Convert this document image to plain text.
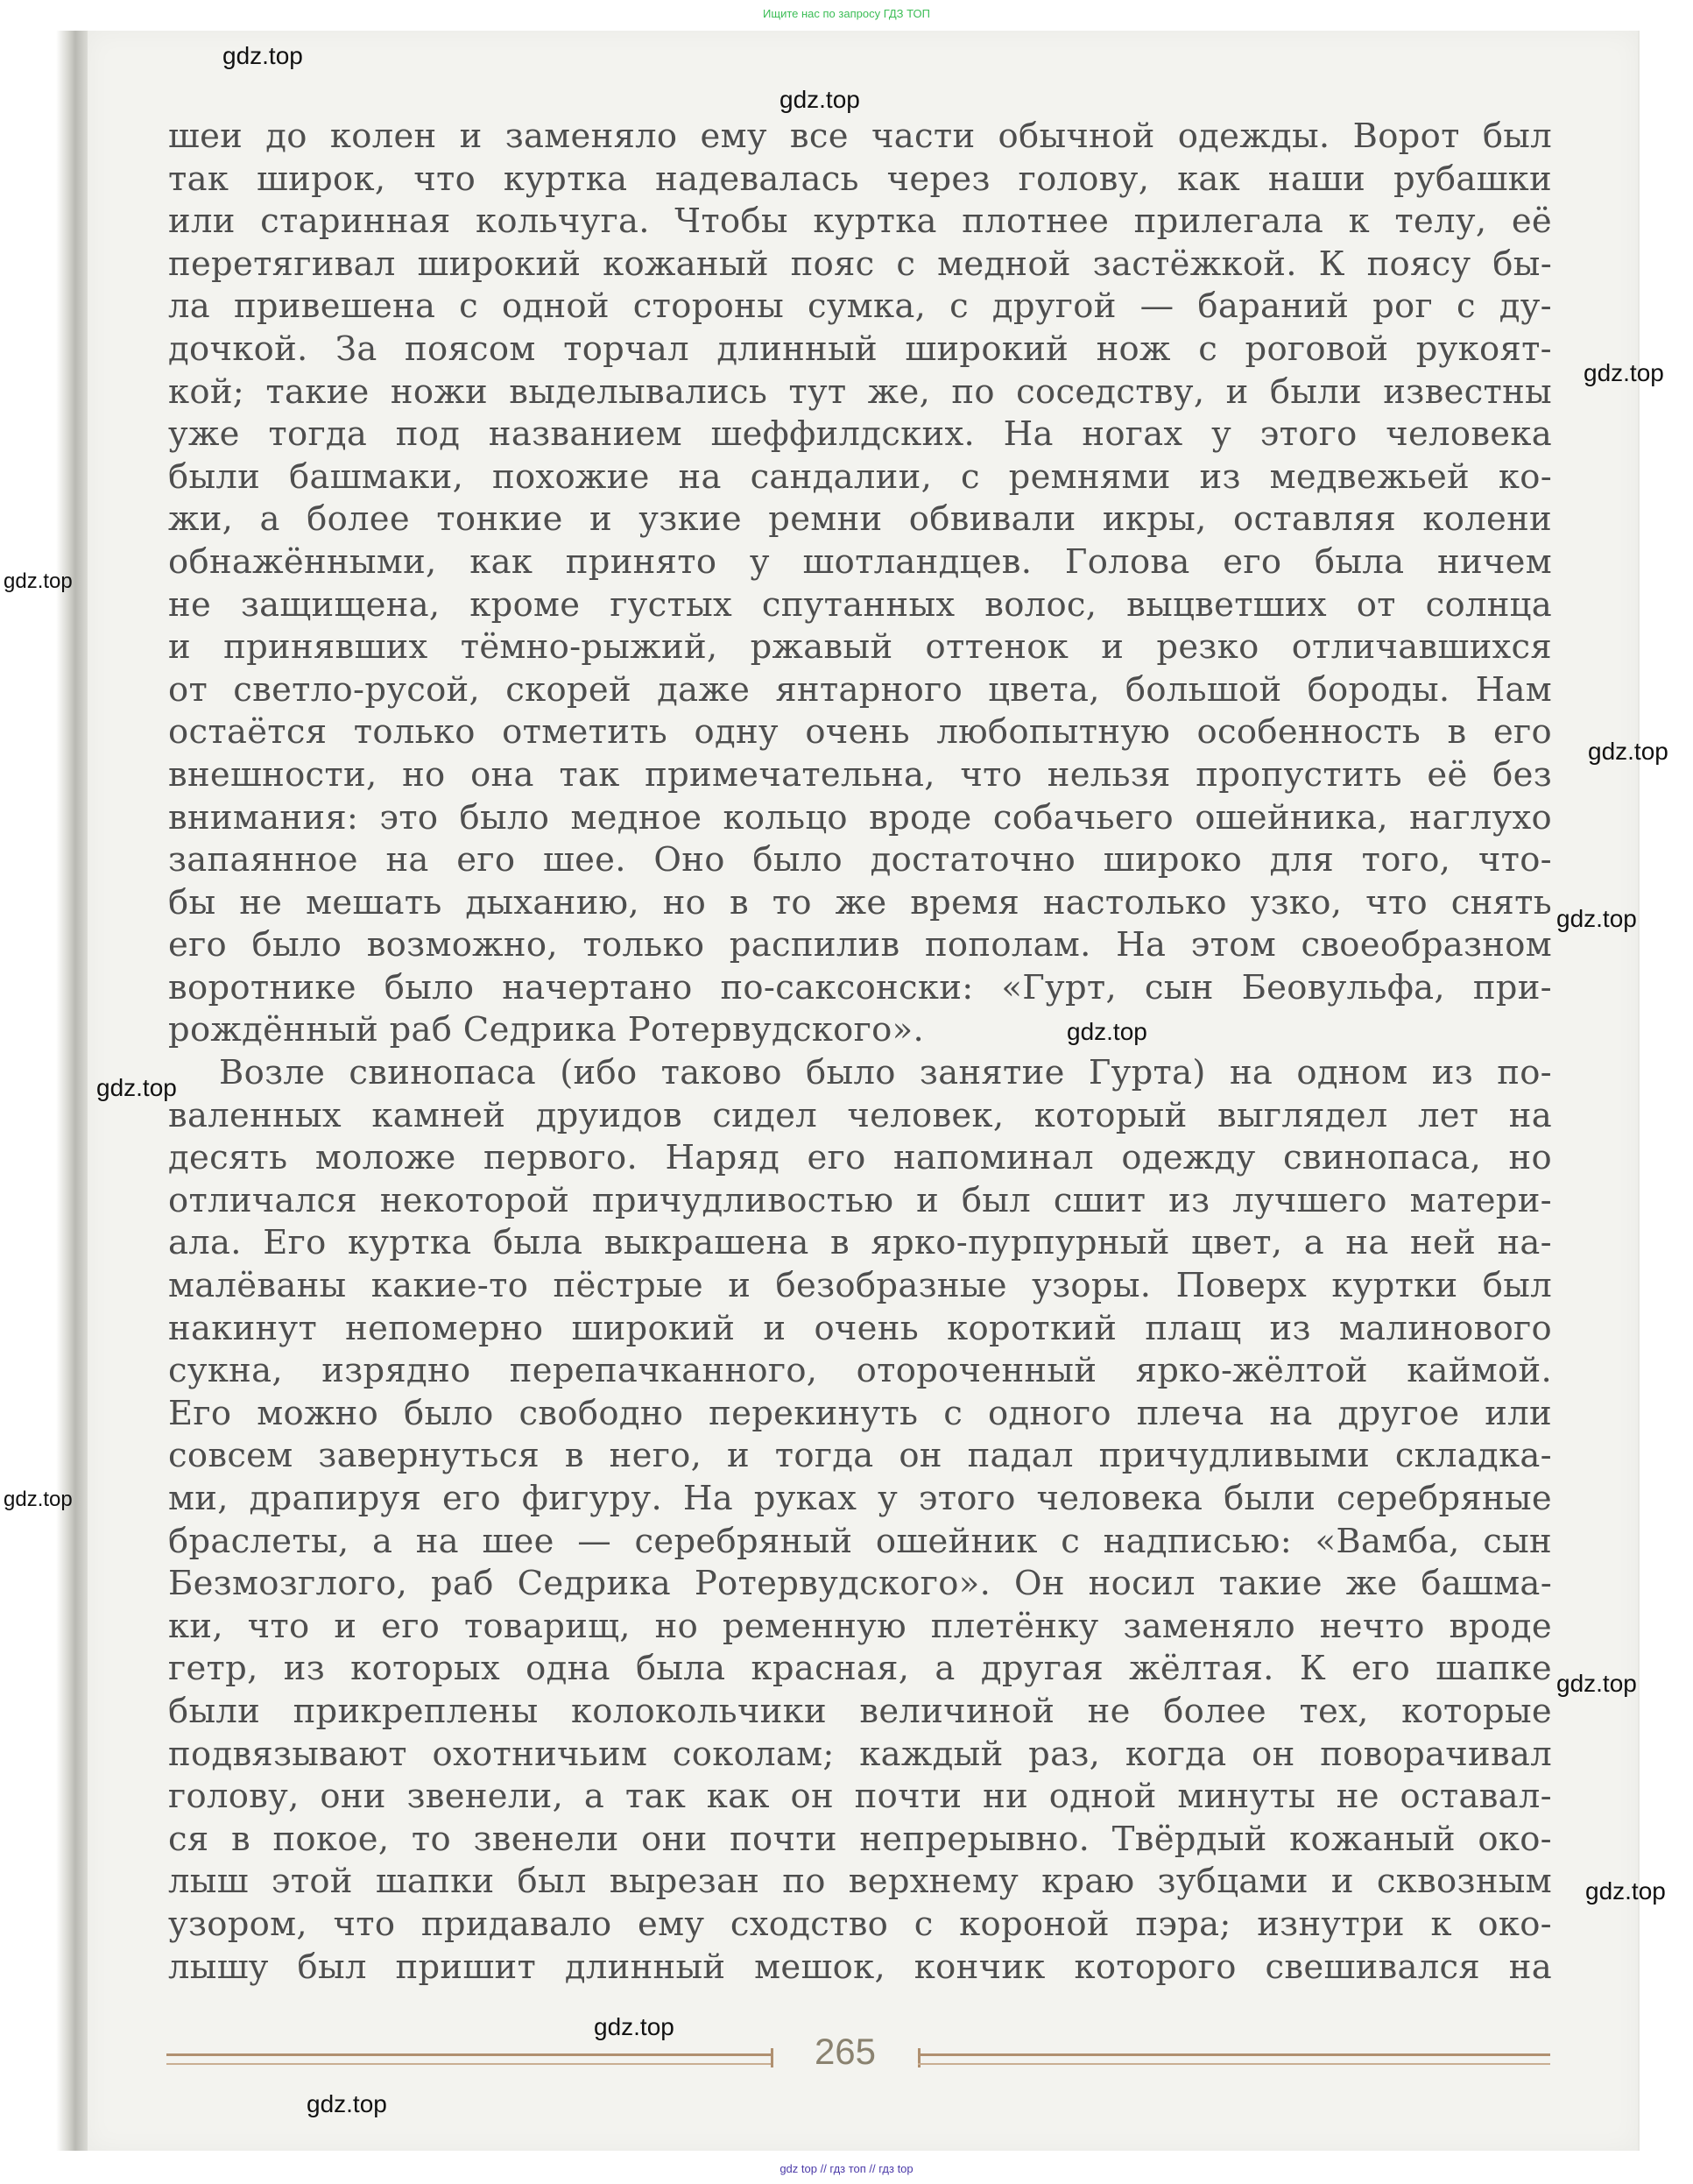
Ищите нас по запросу ГДЗ ТОП
шеи до колен и заменяло ему все части обычной одежды. Ворот был
так широк, что куртка надевалась через голову, как наши рубашки
или старинная кольчуга. Чтобы куртка плотнее прилегала к телу, её
перетягивал широкий кожаный пояс с медной застёжкой. К поясу бы-
ла привешена с одной стороны сумка, с другой — бараний рог с ду-
дочкой. За поясом торчал длинный широкий нож с роговой рукоят-
кой; такие ножи выделывались тут же, по соседству, и были известны
уже тогда под названием шеффилдских. На ногах у этого человека
были башмаки, похожие на сандалии, с ремнями из медвежьей ко-
жи, а более тонкие и узкие ремни обвивали икры, оставляя колени
обнажёнными, как принято у шотландцев. Голова его была ничем
не защищена, кроме густых спутанных волос, выцветших от солнца
и принявших тёмно-рыжий, ржавый оттенок и резко отличавшихся
от светло-русой, скорей даже янтарного цвета, большой бороды. Нам
остаётся только отметить одну очень любопытную особенность в его
внешности, но она так примечательна, что нельзя пропустить её без
внимания: это было медное кольцо вроде собачьего ошейника, наглухо
запаянное на его шее. Оно было достаточно широко для того, что-
бы не мешать дыханию, но в то же время настолько узко, что снять
его было возможно, только распилив пополам. На этом своеобразном
воротнике было начертано по-саксонски: «Гурт, сын Беовульфа, при-
рождённый раб Седрика Ротервудского».
Возле свинопаса (ибо таково было занятие Гурта) на одном из по-
валенных камней друидов сидел человек, который выглядел лет на
десять моложе первого. Наряд его напоминал одежду свинопаса, но
отличался некоторой причудливостью и был сшит из лучшего матери-
ала. Его куртка была выкрашена в ярко-пурпурный цвет, а на ней на-
малёваны какие-то пёстрые и безобразные узоры. Поверх куртки был
накинут непомерно широкий и очень короткий плащ из малинового
сукна, изрядно перепачканного, отороченный ярко-жёлтой каймой.
Его можно было свободно перекинуть с одного плеча на другое или
совсем завернуться в него, и тогда он падал причудливыми складка-
ми, драпируя его фигуру. На руках у этого человека были серебряные
браслеты, а на шее — серебряный ошейник с надписью: «Вамба, сын
Безмозглого, раб Седрика Ротервудского». Он носил такие же башма-
ки, что и его товарищ, но ременную плетёнку заменяло нечто вроде
гетр, из которых одна была красная, а другая жёлтая. К его шапке
были прикреплены колокольчики величиной не более тех, которые
подвязывают охотничьим соколам; каждый раз, когда он поворачивал
голову, они звенели, а так как он почти ни одной минуты не оставал-
ся в покое, то звенели они почти непрерывно. Твёрдый кожаный око-
лыш этой шапки был вырезан по верхнему краю зубцами и сквозным
узором, что придавало ему сходство с короной пэра; изнутри к око-
лышу был пришит длинный мешок, кончик которого свешивался на
265
gdz.top
gdz.top
gdz.top
gdz.top
gdz.top
gdz.top
gdz.top
gdz.top
gdz.top
gdz.top
gdz.top
gdz.top
gdz.top
gdz top // гдз топ // гдз top
